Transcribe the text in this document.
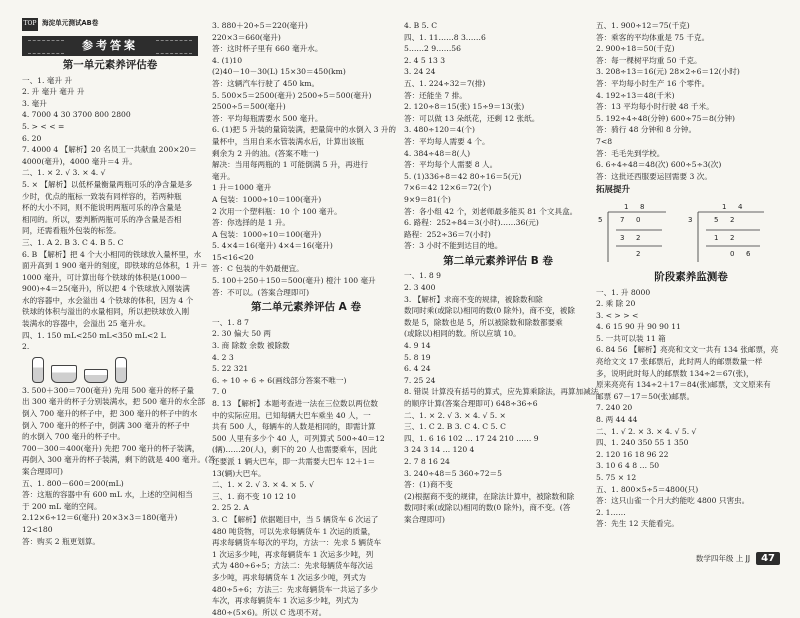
TOP 海淀单元测试AB卷
参考答案
第一单元素养评估卷
一、1. 毫升 升
2. 升 毫升 毫升 升
3. 毫升
4. 7000 4 30 3700 800 2800
5. > < < =
6. 20
7. 4000 4 【解析】20 名员工一共献血 200×20＝
4000(毫升)，4000 毫升＝4 升。
二、1. × 2. √ 3. × 4. √
5. × 【解析】以低杯量衡量两瓶可乐的净含量是多
少时，优点的瓶标一致装有同样容的，若两种瓶
杯的大小不同，则不能说明两瓶可乐的净含量是
相同的。所以，要判断两瓶可乐的净含量是否相
同，还需看瓶外包装的标签。
三、1. A 2. B 3. C 4. B 5. C
6. B 【解析】把 4 个大小相同的铁球放入量杯里，水
面升高到 1 900 毫升的刻度，即铁球的总体积，1 升＝
1000 毫升，可计算出每个铁球的体积是(1000－
900)÷4＝25(毫升)，所以把 4 个铁球放入刚装满
水的容器中，水会溢出 4 个铁球的体积，因为 4 个
铁球的体积与溢出的水量相同，所以把铁球放入刚
装满水的容器中，会溢出 25 毫升水。
四、1. 150 mL<250 mL<350 mL<2 L
2.
3. 500＋300＝700(毫升) 先用 500 毫升的杯子量
出 300 毫升的杯子分别装满水，把 500 毫升的水全部
倒入 700 毫升的杯子中，把 300 毫升的杯子中的水
倒入 700 毫升的杯子中，倒满 300 毫升的杯子中
的水倒入 700 毫升的杯子中。
700－300＝400(毫升) 先把 700 毫升的杯子装满，
再倒入 300 毫升的杯子装满，剩下的就是 400 毫升。(答
案合理即可)
五、1. 800－600＝200(mL)
答：这瓶的容器中有 600 mL 水，上述的空间相当
于 200 mL 毫的空间。
2.12×6÷12＝6(毫升) 20×3×3＝180(毫升)
12<180
答：购买 2 瓶更划算。
3. 880＋20÷5＝220(毫升)
220×3＝660(毫升)
答：这时杯子里有 660 毫升水。
4. (1)10
(2)40－10－30(L) 15×30＝450(km)
答：这辆汽车行驶了 450 km。
5. 500×5＝2500(毫升) 2500÷5＝500(毫升)
2500÷5＝500(毫升)
答：平均每瓶需要水 500 毫升。
6. (1)把 5 升装的量筒装满，把量筒中的水倒入 3 升的
量杯中，当用自来水管装满水后，计算出该瓶
剩余为 2 升的油。(答案不唯一)
解决：当用每两瓶的 1 可能倒满 5 升，再进行
毫升。
1 升＝1000 毫升
A 包装：1000÷10＝100(毫升)
2 次用一个塑料瓶：10 个 100 毫升。
答：你选择的是 1 升。
A 包装：1000÷10＝100(毫升)
5. 4×4＝16(毫升) 4×4＝16(毫升)
15<16<20
答：C 包装的牛奶最便宜。
5. 100＋250＋150＝500(毫升) 橙汁 100 毫升
答：不可以。(答案合理即可)
第二单元素养评估 A 卷
一、1. 8 7
2. 30 偏大 50 两
3. 商 除数 余数 被除数
4. 2 3
5. 22 321
6. ÷ 10 ÷ 6 ÷ 6(画线部分答案不唯一)
7. 0
8. 13 【解析】本题考查进一法在三位数以两位数
中的实际应用。已知每辆大巴车乘坐 40 人，一
共有 500 人，每辆车的人数是相同的，即需计算
500 人里有多少个 40 人，可列算式 500÷40＝12
(辆)……20(人)，剩下的 20 人也需要乘车，因此
还要派 1 辆大巴车，即一共需要大巴车 12＋1＝
13(辆)大巴车。
二、1. × 2. √ 3. × 4. × 5. √
三、1. 商不变 10 12 10
2. 25 2. A
3. C 【解析】依据题目中，当 5 辆货车 6 次运了
480 吨货物，可以先求每辆货车 1 次运的质量，
再求每辆货车每次的平均，方法一：先求 5 辆货车
1 次运多少吨，再求每辆货车 1 次运多少吨，列
式为 480÷6÷5；方法二：先求每辆货车每次运
多少吨，再求每辆货车 1 次运多少吨，列式为
480÷5÷6；方法三：先求每辆货车一共运了多少
车次，再求每辆货车 1 次运多少吨，列式为
480÷(5×6)。所以 C 选项不对。
4. B 5. C
四、1. 11……8 3……6
5……2 9……56
2. 4 5 13 3
3. 24 24
五、1. 224÷32＝7(排)
答：还能坐 7 排。
2. 120÷8＝15(张) 15÷9＝13(张)
答：可以做 13 朵纸花，还剩 12 张纸。
3. 480÷120＝4(个)
答：平均每人需要 4 个。
4. 384÷48＝8(人)
答：平均每个人需要 8 人。
5. (1)336÷8＝42 80÷16＝5(元)
7×6＝42 12×6＝72(个)
9×9＝81(个)
答：各小组 42 个，刘老师最多能买 81 个文具盒。
6. 路程：252÷84＝3(小时)……36(元)
路程：252÷36＝7(小时)
答：3 小时不能到达目的地。
第二单元素养评估 B 卷
一、1. 8 9
2. 3 400
3. 【解析】求商不变的规律，被除数和除
数同时乘(或除以)相同的数(0 除外)，商不变，被除
数是 5，除数也是 5，所以被除数和除数都要乘
(或除以)相同的数。所以应填 10。
4. 9 14
5. 8 19
6. 4 24
7. 25 24
8. 错误 计算没有括号的算式，应先算乘除法，再算加减法
的顺序计算(答案合理即可) 648÷36÷6
二、1. × 2. √ 3. × 4. √ 5. ×
三、1. C 2. B 3. C 4. C 5. C
四、1. 6 16 102 … 17 24 210 …… 9
3 24 3 14 … 120 4
2. 7 8 16 24
3. 240÷48＝5 360÷72＝5
答：(1)商不变
(2)根据商不变的规律，在除法计算中，被除数和除
数同时乘(或除以)相同的数(0 除外)，商不变。(答
案合理即可)
五、1. 900÷12＝75(千克)
答：乘客的平均体重是 75 千克。
2. 900÷18＝50(千克)
答：每一棵树平均重 50 千克。
3. 208÷13＝16(元) 28×2÷6＝12(小时)
答：平均每小时生产 16 个零件。
4. 192÷13＝48(千米)
答：13 平均每小时行驶 48 千米。
5. 192÷4÷48(分钟) 600÷75＝8(分钟)
答：骑行 48 分钟和 8 分钟。
7<8
答：毛毛先到学校。
6. 6÷4÷48＝48(次) 600÷5÷3(次)
答：这批还西服要运回需要 3 次。
拓展提升
5
1 8
7 0
3 2
2
3
1 4
5 2
1 2
0 6
阶段素养监测卷
一、1. 升 8000
2. 乘 除 20
3. < > > <
4. 6 15 90 升 90 90 11
5. 一共可以装 11 箱
6. 84 56 【解析】亮亮和文文一共有 134 张邮票，亮
亮给文文 17 张邮票后，此时两人的邮票数量一样
多，说明此时每人的邮票数 134÷2＝67(张)，
原来亮亮有 134÷2＋17＝84(张)邮票，文文原来有
邮票 67－17＝50(张)邮票。
7. 240 20
8. 两 44 44
二、1. √ 2. × 3. × 4. √ 5. √
四、1. 240 350 55 1 350
2. 120 16 18 96 22
3. 10 6 4 8 … 50
5. 75 × 12
五、1. 800×5÷5＝4800(只)
答：这只山雀一个月大约能吃 4800 只害虫。
2. 1……
答：先生 12 天能看完。
数学四年级 上 JJ	47
